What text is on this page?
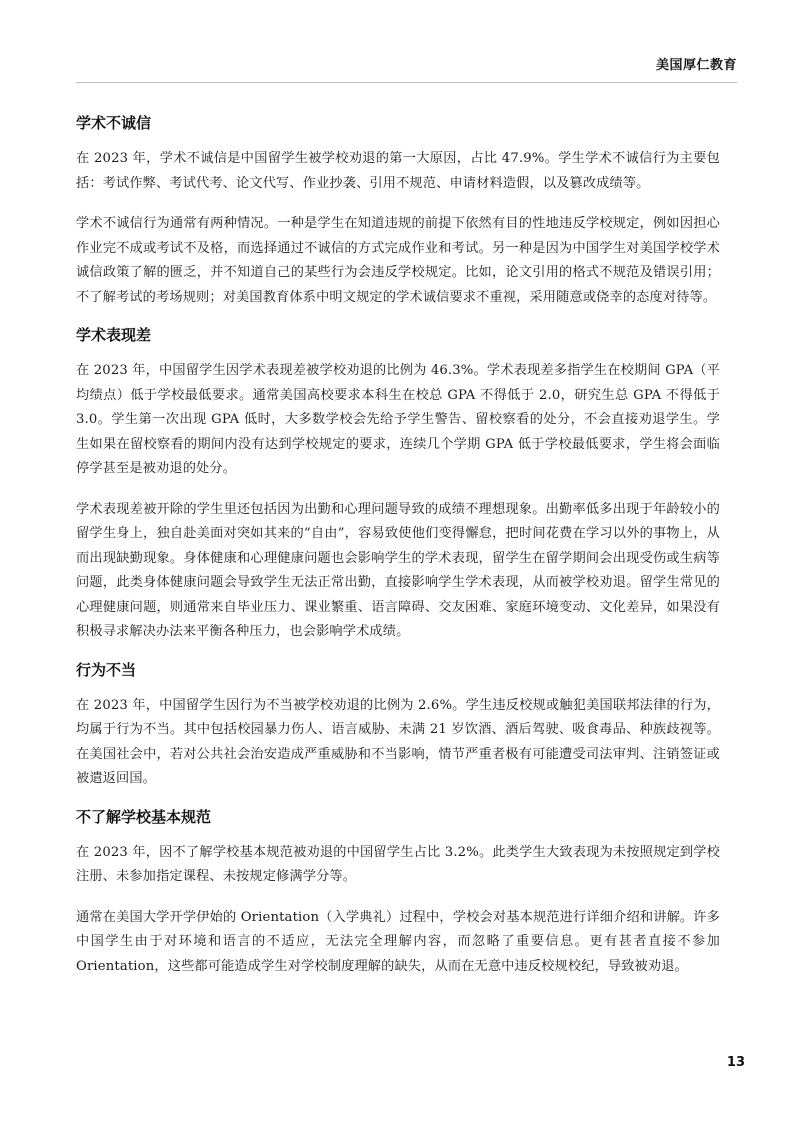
美国厚仁教育
学术不诚信

在 2023 年，学术不诚信是中国留学生被学校劝退的第一大原因，占比 47.9%。学生学术不诚信行为主要包括：考试作弊、考试代考、论文代写、作业抄袭、引用不规范、申请材料造假，以及篡改成绩等。

学术不诚信行为通常有两种情况。一种是学生在知道违规的前提下依然有目的性地违反学校规定，例如因担心作业完不成或考试不及格，而选择通过不诚信的方式完成作业和考试。另一种是因为中国学生对美国学校学术诚信政策了解的匮乏，并不知道自己的某些行为会违反学校规定。比如，论文引用的格式不规范及错误引用；不了解考试的考场规则；对美国教育体系中明文规定的学术诚信要求不重视，采用随意或侥幸的态度对待等。

学术表现差

在 2023 年，中国留学生因学术表现差被学校劝退的比例为 46.3%。学术表现差多指学生在校期间 GPA（平均绩点）低于学校最低要求。通常美国高校要求本科生在校总 GPA 不得低于 2.0，研究生总 GPA 不得低于 3.0。学生第一次出现 GPA 低时，大多数学校会先给予学生警告、留校察看的处分，不会直接劝退学生。学生如果在留校察看的期间内没有达到学校规定的要求，连续几个学期 GPA 低于学校最低要求，学生将会面临停学甚至是被劝退的处分。

学术表现差被开除的学生里还包括因为出勤和心理问题导致的成绩不理想现象。出勤率低多出现于年龄较小的留学生身上，独自赴美面对突如其来的“自由”，容易致使他们变得懈怠，把时间花费在学习以外的事物上，从而出现缺勤现象。身体健康和心理健康问题也会影响学生的学术表现，留学生在留学期间会出现受伤或生病等问题，此类身体健康问题会导致学生无法正常出勤，直接影响学生学术表现，从而被学校劝退。留学生常见的心理健康问题，则通常来自毕业压力、课业繁重、语言障碍、交友困难、家庭环境变动、文化差异，如果没有积极寻求解决办法来平衡各种压力，也会影响学术成绩。

行为不当

在 2023 年，中国留学生因行为不当被学校劝退的比例为 2.6%。学生违反校规或触犯美国联邦法律的行为，均属于行为不当。其中包括校园暴力伤人、语言威胁、未满 21 岁饮酒、酒后驾驶、吸食毒品、种族歧视等。在美国社会中，若对公共社会治安造成严重威胁和不当影响，情节严重者极有可能遭受司法审判、注销签证或被遣返回国。

不了解学校基本规范

在 2023 年，因不了解学校基本规范被劝退的中国留学生占比 3.2%。此类学生大致表现为未按照规定到学校注册、未参加指定课程、未按规定修满学分等。

通常在美国大学开学伊始的 Orientation（入学典礼）过程中，学校会对基本规范进行详细介绍和讲解。许多中国学生由于对环境和语言的不适应，无法完全理解内容，而忽略了重要信息。更有甚者直接不参加 Orientation，这些都可能造成学生对学校制度理解的缺失，从而在无意中违反校规校纪，导致被劝退。

13
